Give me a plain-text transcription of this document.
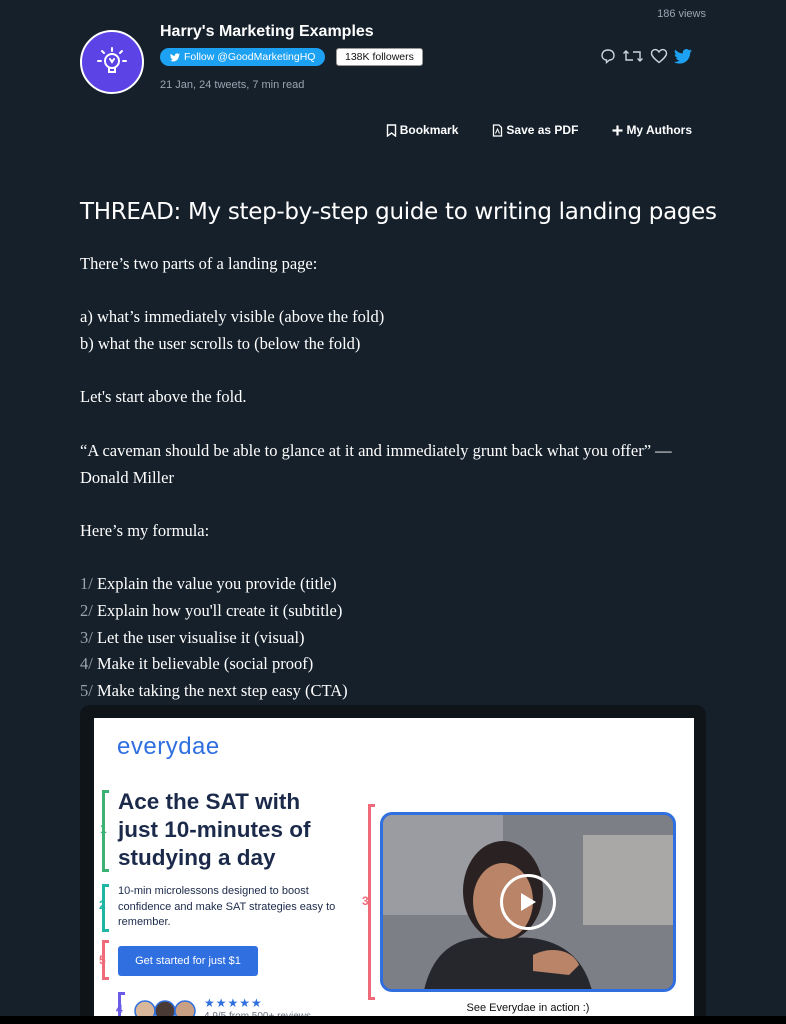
186 views
Harry's Marketing Examples
Follow @GoodMarketingHQ	138K followers
21 Jan, 24 tweets, 7 min read
Bookmark	Save as PDF	My Authors
THREAD: My step-by-step guide to writing landing pages

There’s two parts of a landing page:

a) what’s immediately visible (above the fold)
b) what the user scrolls to (below the fold)

Let's start above the fold.

“A caveman should be able to glance at it and immediately grunt back what you offer” — Donald Miller

Here’s my formula:

1/ Explain the value you provide (title)
2/ Explain how you'll create it (subtitle)
3/ Let the user visualise it (visual)
4/ Make it believable (social proof)
5/ Make taking the next step easy (CTA)

everydae
1
Ace the SAT with
just 10-minutes of
studying a day
2
10-min microlessons designed to boost confidence and make SAT strategies easy to remember.
5	Get started for just $1
3
See Everydae in action :)
4	★★★★★
